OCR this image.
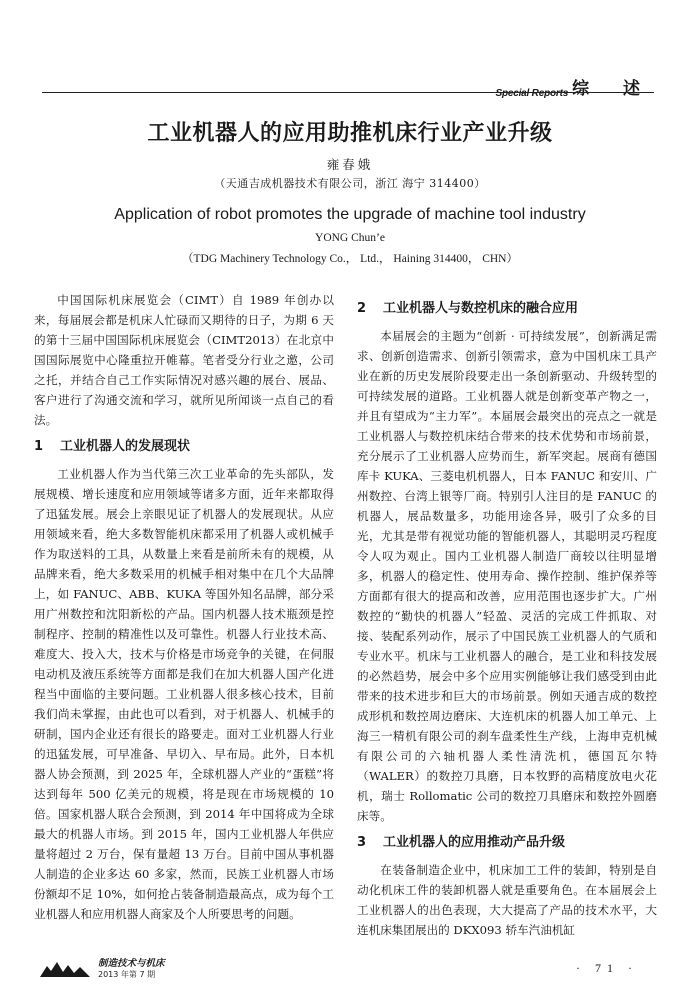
Special Reports 综 述
工业机器人的应用助推机床行业产业升级
雍春娥
（天通吉成机器技术有限公司，浙江 海宁 314400）
Application of robot promotes the upgrade of machine tool industry
YONG Chun’e
（TDG Machinery Technology Co.， Ltd.， Haining 314400， CHN）

中国国际机床展览会（CIMT）自 1989 年创办以来，每届展会都是机床人忙碌而又期待的日子，为期 6 天的第十三届中国国际机床展览会（CIMT2013）在北京中国国际展览中心隆重拉开帷幕。笔者受分行业之邀，公司之托，并结合自己工作实际情况对感兴趣的展台、展品、客户进行了沟通交流和学习，就所见所闻谈一点自己的看法。

1 工业机器人的发展现状

工业机器人作为当代第三次工业革命的先头部队，发展规模、增长速度和应用领域等诸多方面，近年来都取得了迅猛发展。展会上亲眼见证了机器人的发展现状。从应用领域来看，绝大多数智能机床都采用了机器人或机械手作为取送料的工具，从数量上来看是前所未有的规模，从品牌来看，绝大多数采用的机械手相对集中在几个大品牌上，如 FANUC、ABB、KUKA 等国外知名品牌，部分采用广州数控和沈阳新松的产品。国内机器人技术瓶颈是控制程序、控制的精准性以及可靠性。机器人行业技术高、难度大、投入大，技术与价格是市场竞争的关键，在伺服电动机及液压系统等方面都是我们在加大机器人国产化进程当中面临的主要问题。工业机器人很多核心技术，目前我们尚未掌握，由此也可以看到，对于机器人、机械手的研制，国内企业还有很长的路要走。面对工业机器人行业的迅猛发展，可早准备、早切入、早布局。此外，日本机器人协会预测，到 2025 年，全球机器人产业的“蛋糕”将达到每年 500 亿美元的规模，将是现在市场规模的 10 倍。国家机器人联合会预测，到 2014 年中国将成为全球最大的机器人市场。到 2015 年，国内工业机器人年供应量将超过 2 万台，保有量超 13 万台。目前中国从事机器人制造的企业多达 60 多家，然而，民族工业机器人市场份额却不足 10%，如何抢占装备制造最高点，成为每个工业机器人和应用机器人商家及个人所要思考的问题。

2 工业机器人与数控机床的融合应用

本届展会的主题为“创新 · 可持续发展”，创新满足需求、创新创造需求、创新引领需求，意为中国机床工具产业在新的历史发展阶段要走出一条创新驱动、升级转型的可持续发展的道路。工业机器人就是创新变革产物之一，并且有望成为“主力军”。本届展会最突出的亮点之一就是工业机器人与数控机床结合带来的技术优势和市场前景，充分展示了工业机器人应势而生，新军突起。展商有德国库卡 KUKA、三菱电机机器人，日本 FANUC 和安川、广州数控、台湾上银等厂商。特别引人注目的是 FANUC 的机器人，展品数量多，功能用途各异，吸引了众多的目光，尤其是带有视觉功能的智能机器人，其聪明灵巧程度令人叹为观止。国内工业机器人制造厂商较以往明显增多，机器人的稳定性、使用寿命、操作控制、维护保养等方面都有很大的提高和改善，应用范围也逐步扩大。广州数控的“勤快的机器人”轻盈、灵活的完成工件抓取、对接、装配系列动作，展示了中国民族工业机器人的气质和专业水平。机床与工业机器人的融合，是工业和科技发展的必然趋势，展会中多个应用实例能够让我们感受到由此带来的技术进步和巨大的市场前景。例如天通吉成的数控成形机和数控周边磨床、大连机床的机器人加工单元、上海三一精机有限公司的刹车盘柔性生产线，上海申克机械有限公司的六轴机器人柔性清洗机，德国瓦尔特（WALER）的数控刀具磨，日本牧野的高精度放电火花机，瑞士 Rollomatic 公司的数控刀具磨床和数控外圆磨床等。

3 工业机器人的应用推动产品升级

在装备制造企业中，机床加工工件的装卸，特别是自动化机床工件的装卸机器人就是重要角色。在本届展会上工业机器人的出色表现，大大提高了产品的技术水平，大连机床集团展出的 DKX093 轿车汽油机缸

制造技术与机床
2013 年第 7 期	· 71 ·
